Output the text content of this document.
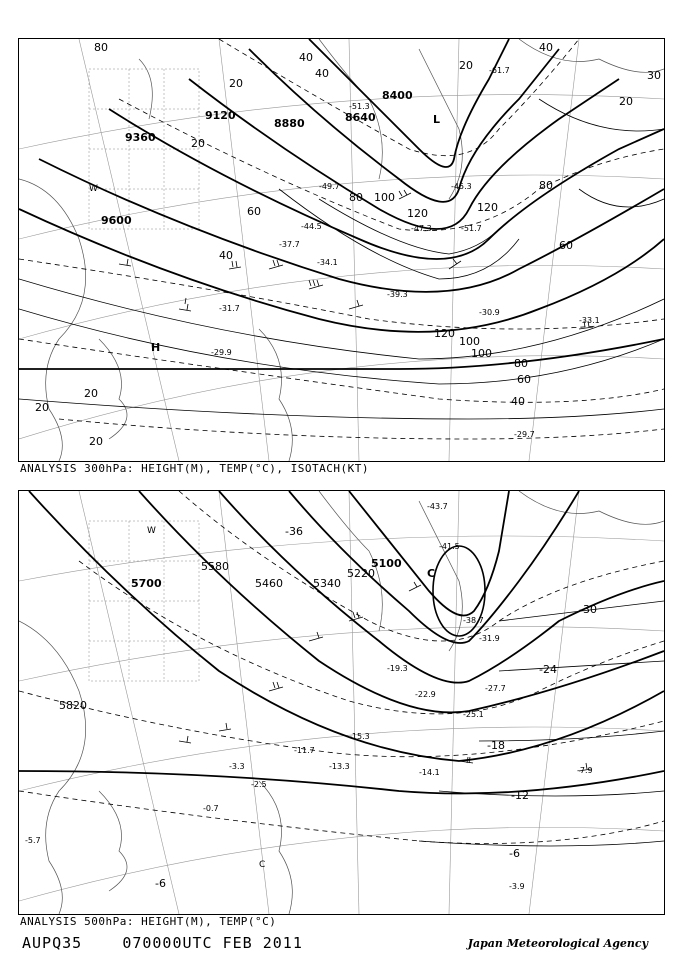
9600
9360
9120
8880	8640
8400
80
40
20
20
40
20
60
80 100
100
120	120
120
100
80
60
40
40
20
20
20
40
60
80
30
20
-51.7
-47.3
-49.7	-45.3
-51.3
-34.1
-37.7
-44.5
-30.9
-29.9
-31.7
-33.1
-29.7
-39.3
-61.7
L
H
W
ANALYSIS 300hPa: HEIGHT(M), TEMP(°C), ISOTACH(KT)
5700
5580
5460	5340
5220
5100
5820
-36
-30
-24
-18
-12
-6
-6
-43.7
-41.5
-38.7
-31.9
-27.7
-25.1
-22.9
-19.3
-15.3
-14.1
-13.3
-11.7
-7.9
-3.9
-0.7
-2.5
-3.3
-5.7
C
W
C
ANALYSIS 500hPa: HEIGHT(M), TEMP(°C)
AUPQ35	070000UTC FEB 2011	Japan Meteorological Agency
